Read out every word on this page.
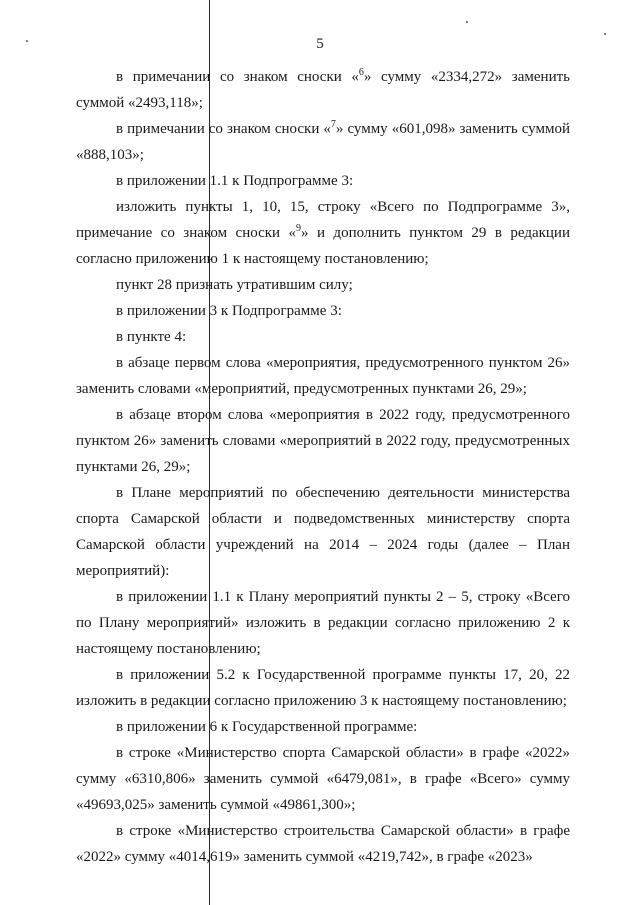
5

в примечании со знаком сноски «$^6$» сумму «2334,272» заменить суммой «2493,118»;

в примечании со знаком сноски «$^7$» сумму «601,098» заменить суммой «888,103»;

в приложении 1.1 к Подпрограмме 3:

изложить пункты 1, 10, 15, строку «Всего по Подпрограмме 3», примечание со знаком сноски «$^9$» и дополнить пунктом 29 в редакции согласно приложению 1 к настоящему постановлению;

пункт 28 признать утратившим силу;

в приложении 3 к Подпрограмме 3:

в пункте 4:

в абзаце первом слова «мероприятия, предусмотренного пунктом 26» заменить словами «мероприятий, предусмотренных пунктами 26, 29»;

в абзаце втором слова «мероприятия в 2022 году, предусмотренного пунктом 26» заменить словами «мероприятий в 2022 году, предусмотренных пунктами 26, 29»;

в Плане мероприятий по обеспечению деятельности министерства спорта Самарской области и подведомственных министерству спорта Самарской области учреждений на 2014 – 2024 годы (далее – План мероприятий):

в приложении 1.1 к Плану мероприятий пункты 2 – 5, строку «Всего по Плану мероприятий» изложить в редакции согласно приложению 2 к настоящему постановлению;

в приложении 5.2 к Государственной программе пункты 17, 20, 22 изложить в редакции согласно приложению 3 к настоящему постановлению;

в приложении 6 к Государственной программе:

в строке «Министерство спорта Самарской области» в графе «2022» сумму «6310,806» заменить суммой «6479,081», в графе «Всего» сумму «49693,025» заменить суммой «49861,300»;

в строке «Министерство строительства Самарской области» в графе «2022» сумму «4014,619» заменить суммой «4219,742», в графе «2023»
